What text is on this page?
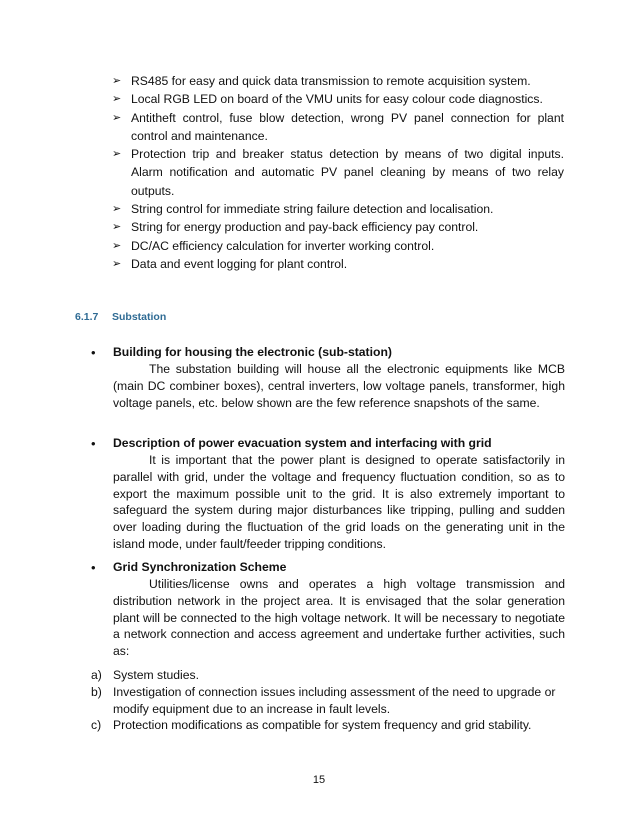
➢ RS485 for easy and quick data transmission to remote acquisition system.
➢ Local RGB LED on board of the VMU units for easy colour code diagnostics.
➢ Antitheft control, fuse blow detection, wrong PV panel connection for plant control and maintenance.
➢ Protection trip and breaker status detection by means of two digital inputs. Alarm notification and automatic PV panel cleaning by means of two relay outputs.
➢ String control for immediate string failure detection and localisation.
➢ String for energy production and pay-back efficiency pay control.
➢ DC/AC efficiency calculation for inverter working control.
➢ Data and event logging for plant control.
6.1.7 Substation
•	Building for housing the electronic (sub-station)

The substation building will house all the electronic equipments like MCB (main DC combiner boxes), central inverters, low voltage panels, transformer, high voltage panels, etc. below shown are the few reference snapshots of the same.

•	Description of power evacuation system and interfacing with grid

It is important that the power plant is designed to operate satisfactorily in parallel with grid, under the voltage and frequency fluctuation condition, so as to export the maximum possible unit to the grid. It is also extremely important to safeguard the system during major disturbances like tripping, pulling and sudden over loading during the fluctuation of the grid loads on the generating unit in the island mode, under fault/feeder tripping conditions.

•	Grid Synchronization Scheme

Utilities/license owns and operates a high voltage transmission and distribution network in the project area. It is envisaged that the solar generation plant will be connected to the high voltage network. It will be necessary to negotiate a network connection and access agreement and undertake further activities, such as:

a) System studies.
b) Investigation of connection issues including assessment of the need to upgrade or modify equipment due to an increase in fault levels.
c) Protection modifications as compatible for system frequency and grid stability.
15
